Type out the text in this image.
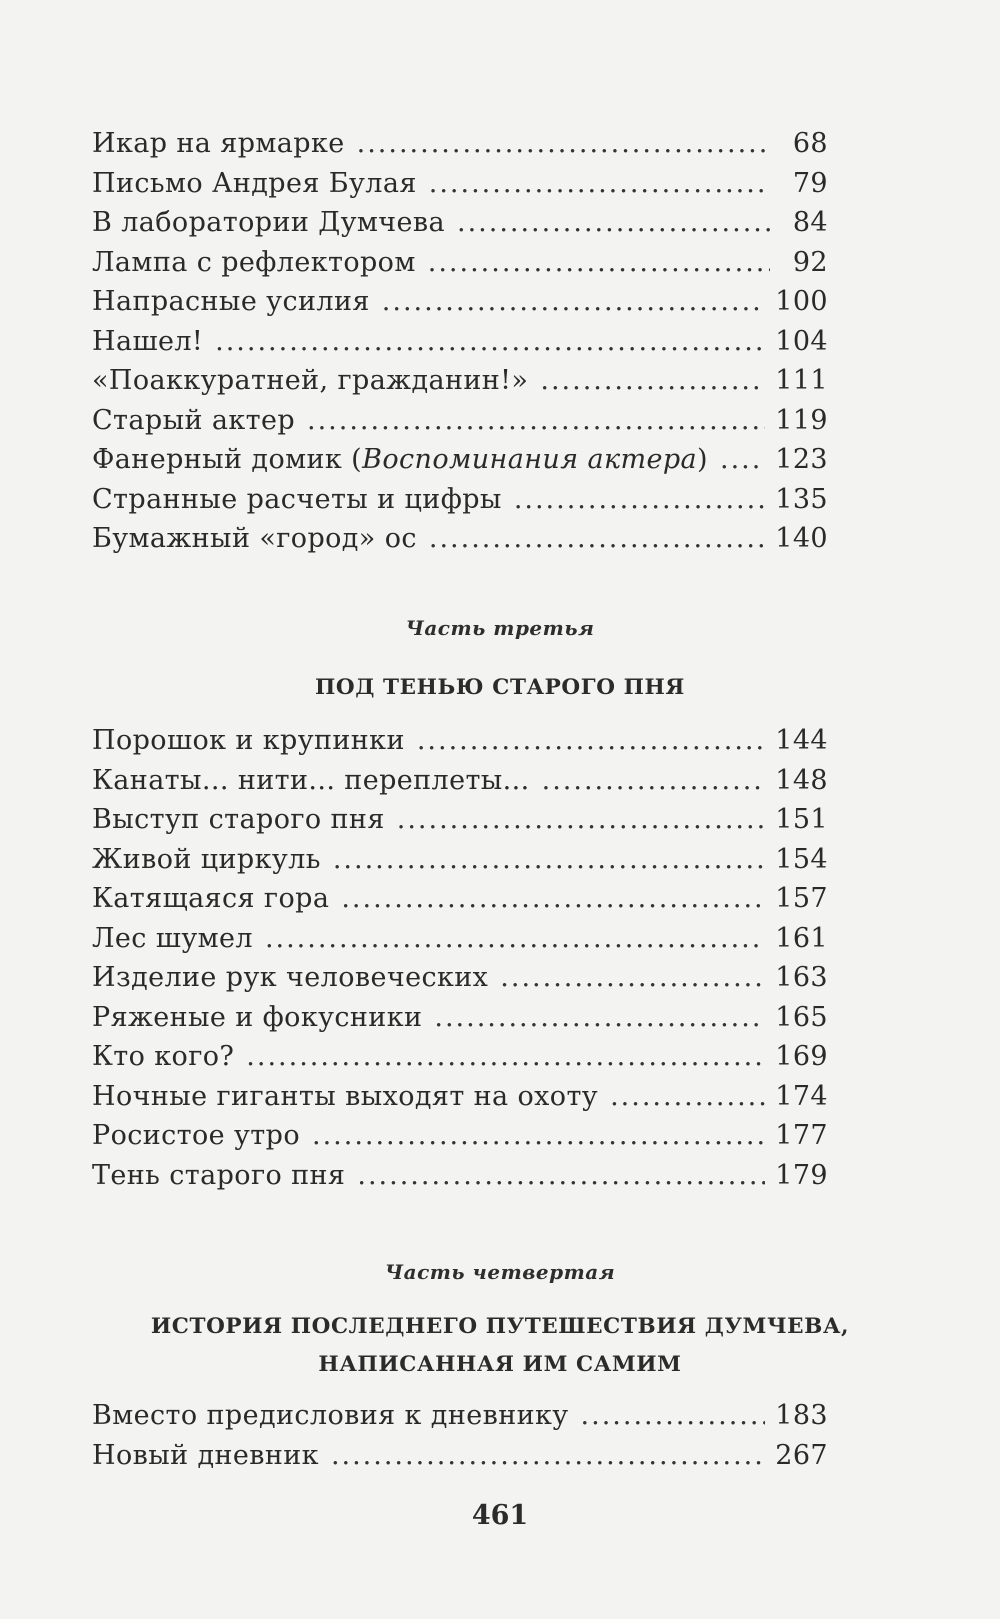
Икар на ярмарке .....	68
Письмо Андрея Булая .....	79
В лаборатории Думчева .....	84
Лампа с рефлектором .....	92
Напрасные усилия .....	100
Нашел! .....	104
«Поаккуратней, гражданин!» .....	111
Старый актер .....	119
Фанерный домик (Воспоминания актера) .....	123
Странные расчеты и цифры .....	135
Бумажный «город» ос .....	140
Часть третья
ПОД ТЕНЬЮ СТАРОГО ПНЯ
Порошок и крупинки .....	144
Канаты... нити... переплеты... .....	148
Выступ старого пня .....	151
Живой циркуль .....	154
Катящаяся гора .....	157
Лес шумел .....	161
Изделие рук человеческих .....	163
Ряженые и фокусники .....	165
Кто кого? .....	169
Ночные гиганты выходят на охоту .....	174
Росистое утро .....	177
Тень старого пня .....	179
Часть четвертая
ИСТОРИЯ ПОСЛЕДНЕГО ПУТЕШЕСТВИЯ ДУМЧЕВА,
НАПИСАННАЯ ИМ САМИМ
Вместо предисловия к дневнику .....	183
Новый дневник .....	267
461
